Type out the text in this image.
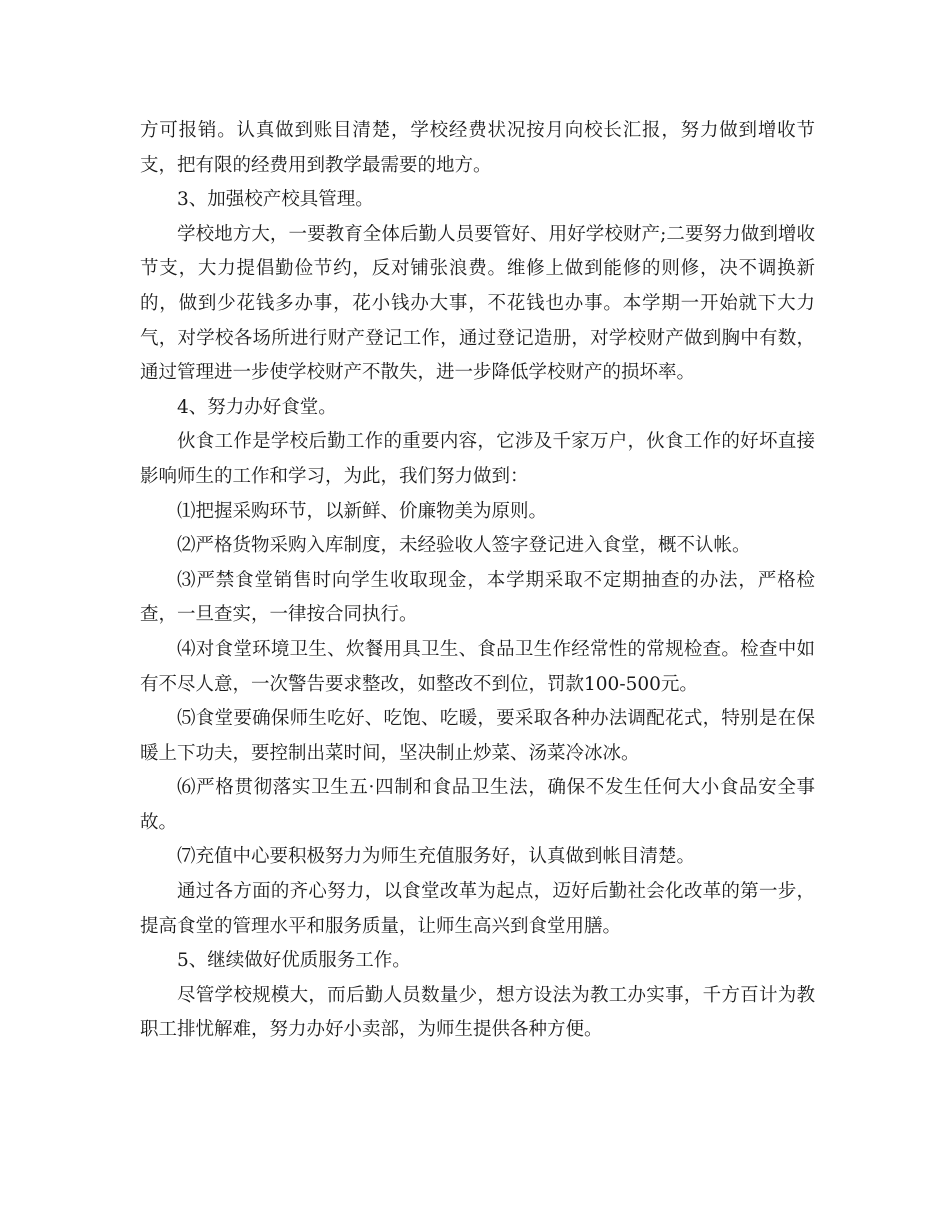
方可报销。认真做到账目清楚，学校经费状况按月向校长汇报，努力做到增收节支，把有限的经费用到教学最需要的地方。

3、加强校产校具管理。

学校地方大，一要教育全体后勤人员要管好、用好学校财产;二要努力做到增收节支，大力提倡勤俭节约，反对铺张浪费。维修上做到能修的则修，决不调换新的，做到少花钱多办事，花小钱办大事，不花钱也办事。本学期一开始就下大力气，对学校各场所进行财产登记工作，通过登记造册，对学校财产做到胸中有数，通过管理进一步使学校财产不散失，进一步降低学校财产的损坏率。

4、努力办好食堂。

伙食工作是学校后勤工作的重要内容，它涉及千家万户，伙食工作的好坏直接影响师生的工作和学习，为此，我们努力做到：

⑴把握采购环节，以新鲜、价廉物美为原则。

⑵严格货物采购入库制度，未经验收人签字登记进入食堂，概不认帐。

⑶严禁食堂销售时向学生收取现金，本学期采取不定期抽查的办法，严格检查，一旦查实，一律按合同执行。

⑷对食堂环境卫生、炊餐用具卫生、食品卫生作经常性的常规检查。检查中如有不尽人意，一次警告要求整改，如整改不到位，罚款100-500元。

⑸食堂要确保师生吃好、吃饱、吃暖，要采取各种办法调配花式，特别是在保暖上下功夫，要控制出菜时间，坚决制止炒菜、汤菜冷冰冰。

⑹严格贯彻落实卫生五·四制和食品卫生法，确保不发生任何大小食品安全事故。

⑺充值中心要积极努力为师生充值服务好，认真做到帐目清楚。

通过各方面的齐心努力，以食堂改革为起点，迈好后勤社会化改革的第一步，提高食堂的管理水平和服务质量，让师生高兴到食堂用膳。

5、继续做好优质服务工作。

尽管学校规模大，而后勤人员数量少，想方设法为教工办实事，千方百计为教职工排忧解难，努力办好小卖部，为师生提供各种方便。
